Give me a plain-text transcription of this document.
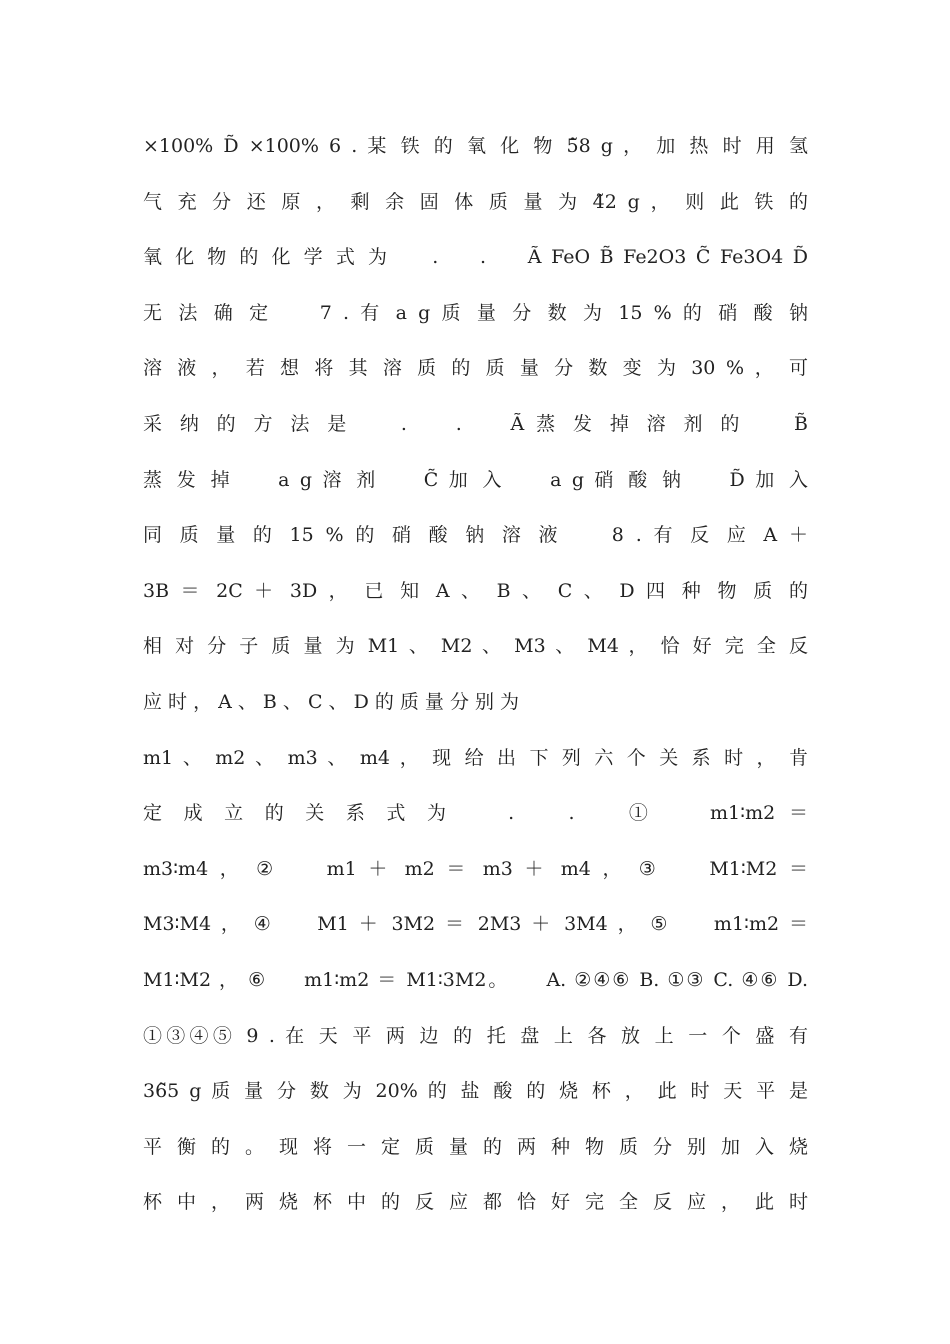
×100% D̃ ×100% 6 . 某 铁 的 氧 化 物 5̃8 g ， 加 热 时 用 氢
气 充 分 还 原 ， 剩 余 固 体 质 量 为 4̃2 g ， 则 此 铁 的
氧 化 物 的 化 学 式 为 　 . 　 . 　 Ã FeO B̃ Fe2O3 C̃ Fe3O4 D̃
无 法 确 定 　 7 . 有 a g 质 量 分 数 为 15 % 的 硝 酸 钠
溶 液 ， 若 想 将 其 溶 质 的 质 量 分 数 变 为 30 % ， 可
采 纳 的 方 法 是 　 . 　 . 　 Ã 蒸 发 掉 溶 剂 的 　 B̃
蒸 发 掉 　 a g 溶 剂 　 C̃ 加 入 　 a g 硝 酸 钠 　 D̃ 加 入
同 质 量 的 15 % 的 硝 酸 钠 溶 液 　 8 . 有 反 应 A ＋
3B ＝ 2C ＋ 3D ， 已 知 A 、 B 、 C 、 D 四 种 物 质 的
相 对 分 子 质 量 为 M1 、 M2 、 M3 、 M4 ， 恰 好 完 全 反
应 时 ， A 、 B 、 C 、 D 的 质 量 分 别 为
m1 、 m2 、 m3 、 m4 ， 现 给 出 下 列 六 个 关 系 时 ， 肯
定 成 立 的 关 系 式 为 　 . 　 . 　 ① 　 m1∶m2 ＝
m3∶m4 ， ② 　 m1 ＋ m2 ＝ m3 ＋ m4 ， ③ 　 M1∶M2 ＝
M3∶M4 ， ④ 　 M1 ＋ 3M2 ＝ 2M3 ＋ 3M4 ， ⑤ 　 m1∶m2 ＝
M1∶M2 ， ⑥ 　 m1∶m2 ＝ M1∶3M2。 　 A. ②④⑥ B. ①③ C. ④⑥ D.
①③④⑤ 9 . 在 天 平 两 边 的 托 盘 上 各 放 上 一 个 盛 有
36̃5 g 质 量 分 数 为 20% 的 盐 酸 的 烧 杯 ， 此 时 天 平 是
平 衡 的 。 现 将 一 定 质 量 的 两 种 物 质 分 别 加 入 烧
杯 中 ， 两 烧 杯 中 的 反 应 都 恰 好 完 全 反 应 ， 此 时
